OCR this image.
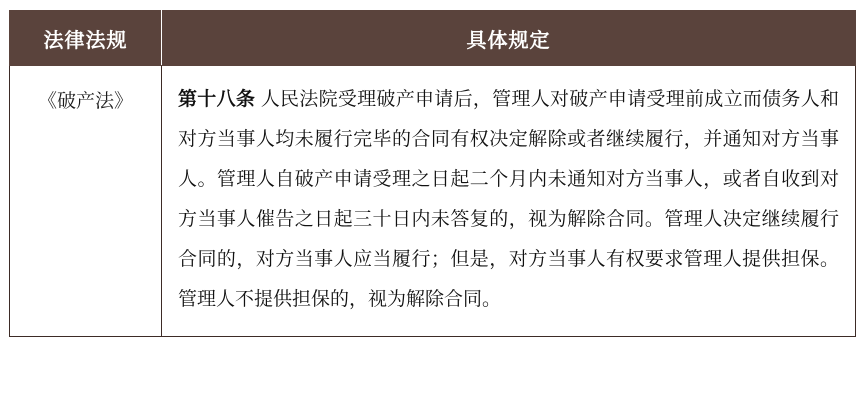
法律法规	具体规定
《破产法》	第十八条 人民法院受理破产申请后，管理人对破产申请受理前成立而债务人和对方当事人均未履行完毕的合同有权决定解除或者继续履行，并通知对方当事人。管理人自破产申请受理之日起二个月内未通知对方当事人，或者自收到对方当事人催告之日起三十日内未答复的，视为解除合同。管理人决定继续履行合同的，对方当事人应当履行；但是，对方当事人有权要求管理人提供担保。管理人不提供担保的，视为解除合同。
